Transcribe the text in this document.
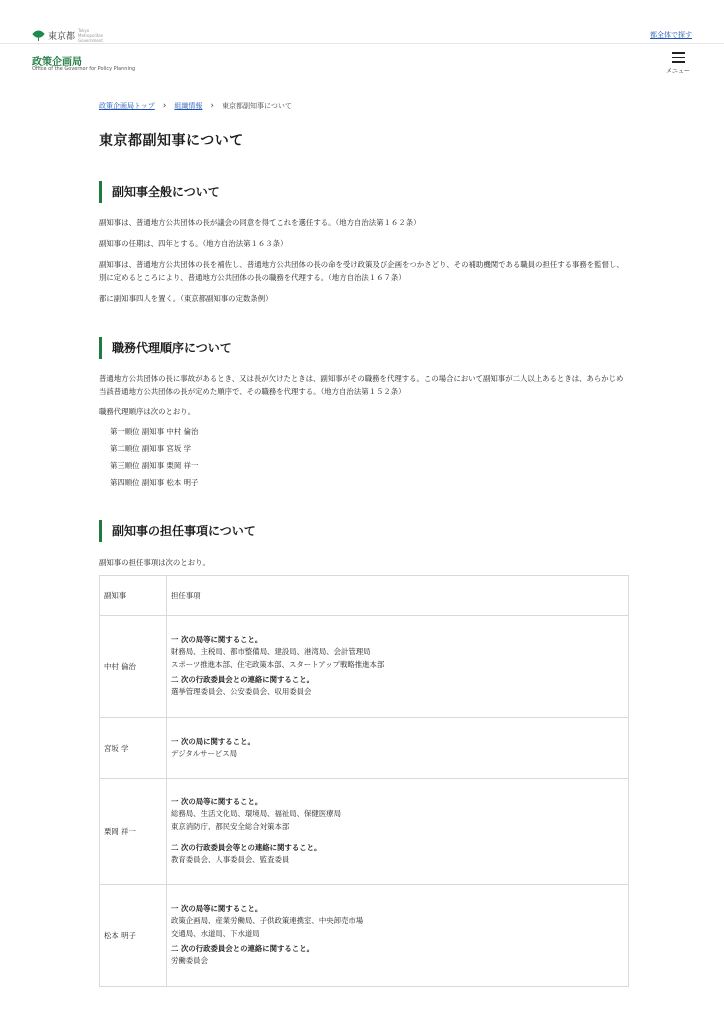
東京都
Tokyo Metropolitan Government
都全体で探す
政策企画局
Office of the Governor for Policy Planning	メニュー
政策企画局トップ › 組織情報 › 東京都副知事について
東京都副知事について
副知事全般について

副知事は、普通地方公共団体の長が議会の同意を得てこれを選任する。（地方自治法第１６２条）

副知事の任期は、四年とする。（地方自治法第１６３条）

副知事は、普通地方公共団体の長を補佐し、普通地方公共団体の長の命を受け政策及び企画をつかさどり、その補助機関である職員の担任する事務を監督し、別に定めるところにより、普通地方公共団体の長の職務を代理する。（地方自治法１６７条）

都に副知事四人を置く。（東京都副知事の定数条例）

職務代理順序について

普通地方公共団体の長に事故があるとき、又は長が欠けたときは、副知事がその職務を代理する。この場合において副知事が二人以上あるときは、あらかじめ当該普通地方公共団体の長が定めた順序で、その職務を代理する。（地方自治法第１５２条）

職務代理順序は次のとおり。

第一順位 副知事 中村 倫治
第二順位 副知事 宮坂 学
第三順位 副知事 栗岡 祥一
第四順位 副知事 松本 明子
副知事の担任事項について

副知事の担任事項は次のとおり。

副知事	担任事項
中村 倫治	一 次の局等に関すること。
財務局、主税局、都市整備局、建設局、港湾局、会計管理局
スポーツ推進本部、住宅政策本部、スタートアップ戦略推進本部
二 次の行政委員会との連絡に関すること。
選挙管理委員会、公安委員会、収用委員会

宮坂 学	一 次の局に関すること。
デジタルサービス局

栗岡 祥一	一 次の局等に関すること。
総務局、生活文化局、環境局、福祉局、保健医療局
東京消防庁、都民安全総合対策本部
二 次の行政委員会等との連絡に関すること。
教育委員会、人事委員会、監査委員

松本 明子	一 次の局等に関すること。
政策企画局、産業労働局、子供政策連携室、中央卸売市場
交通局、水道局、下水道局
二 次の行政委員会との連絡に関すること。
労働委員会
